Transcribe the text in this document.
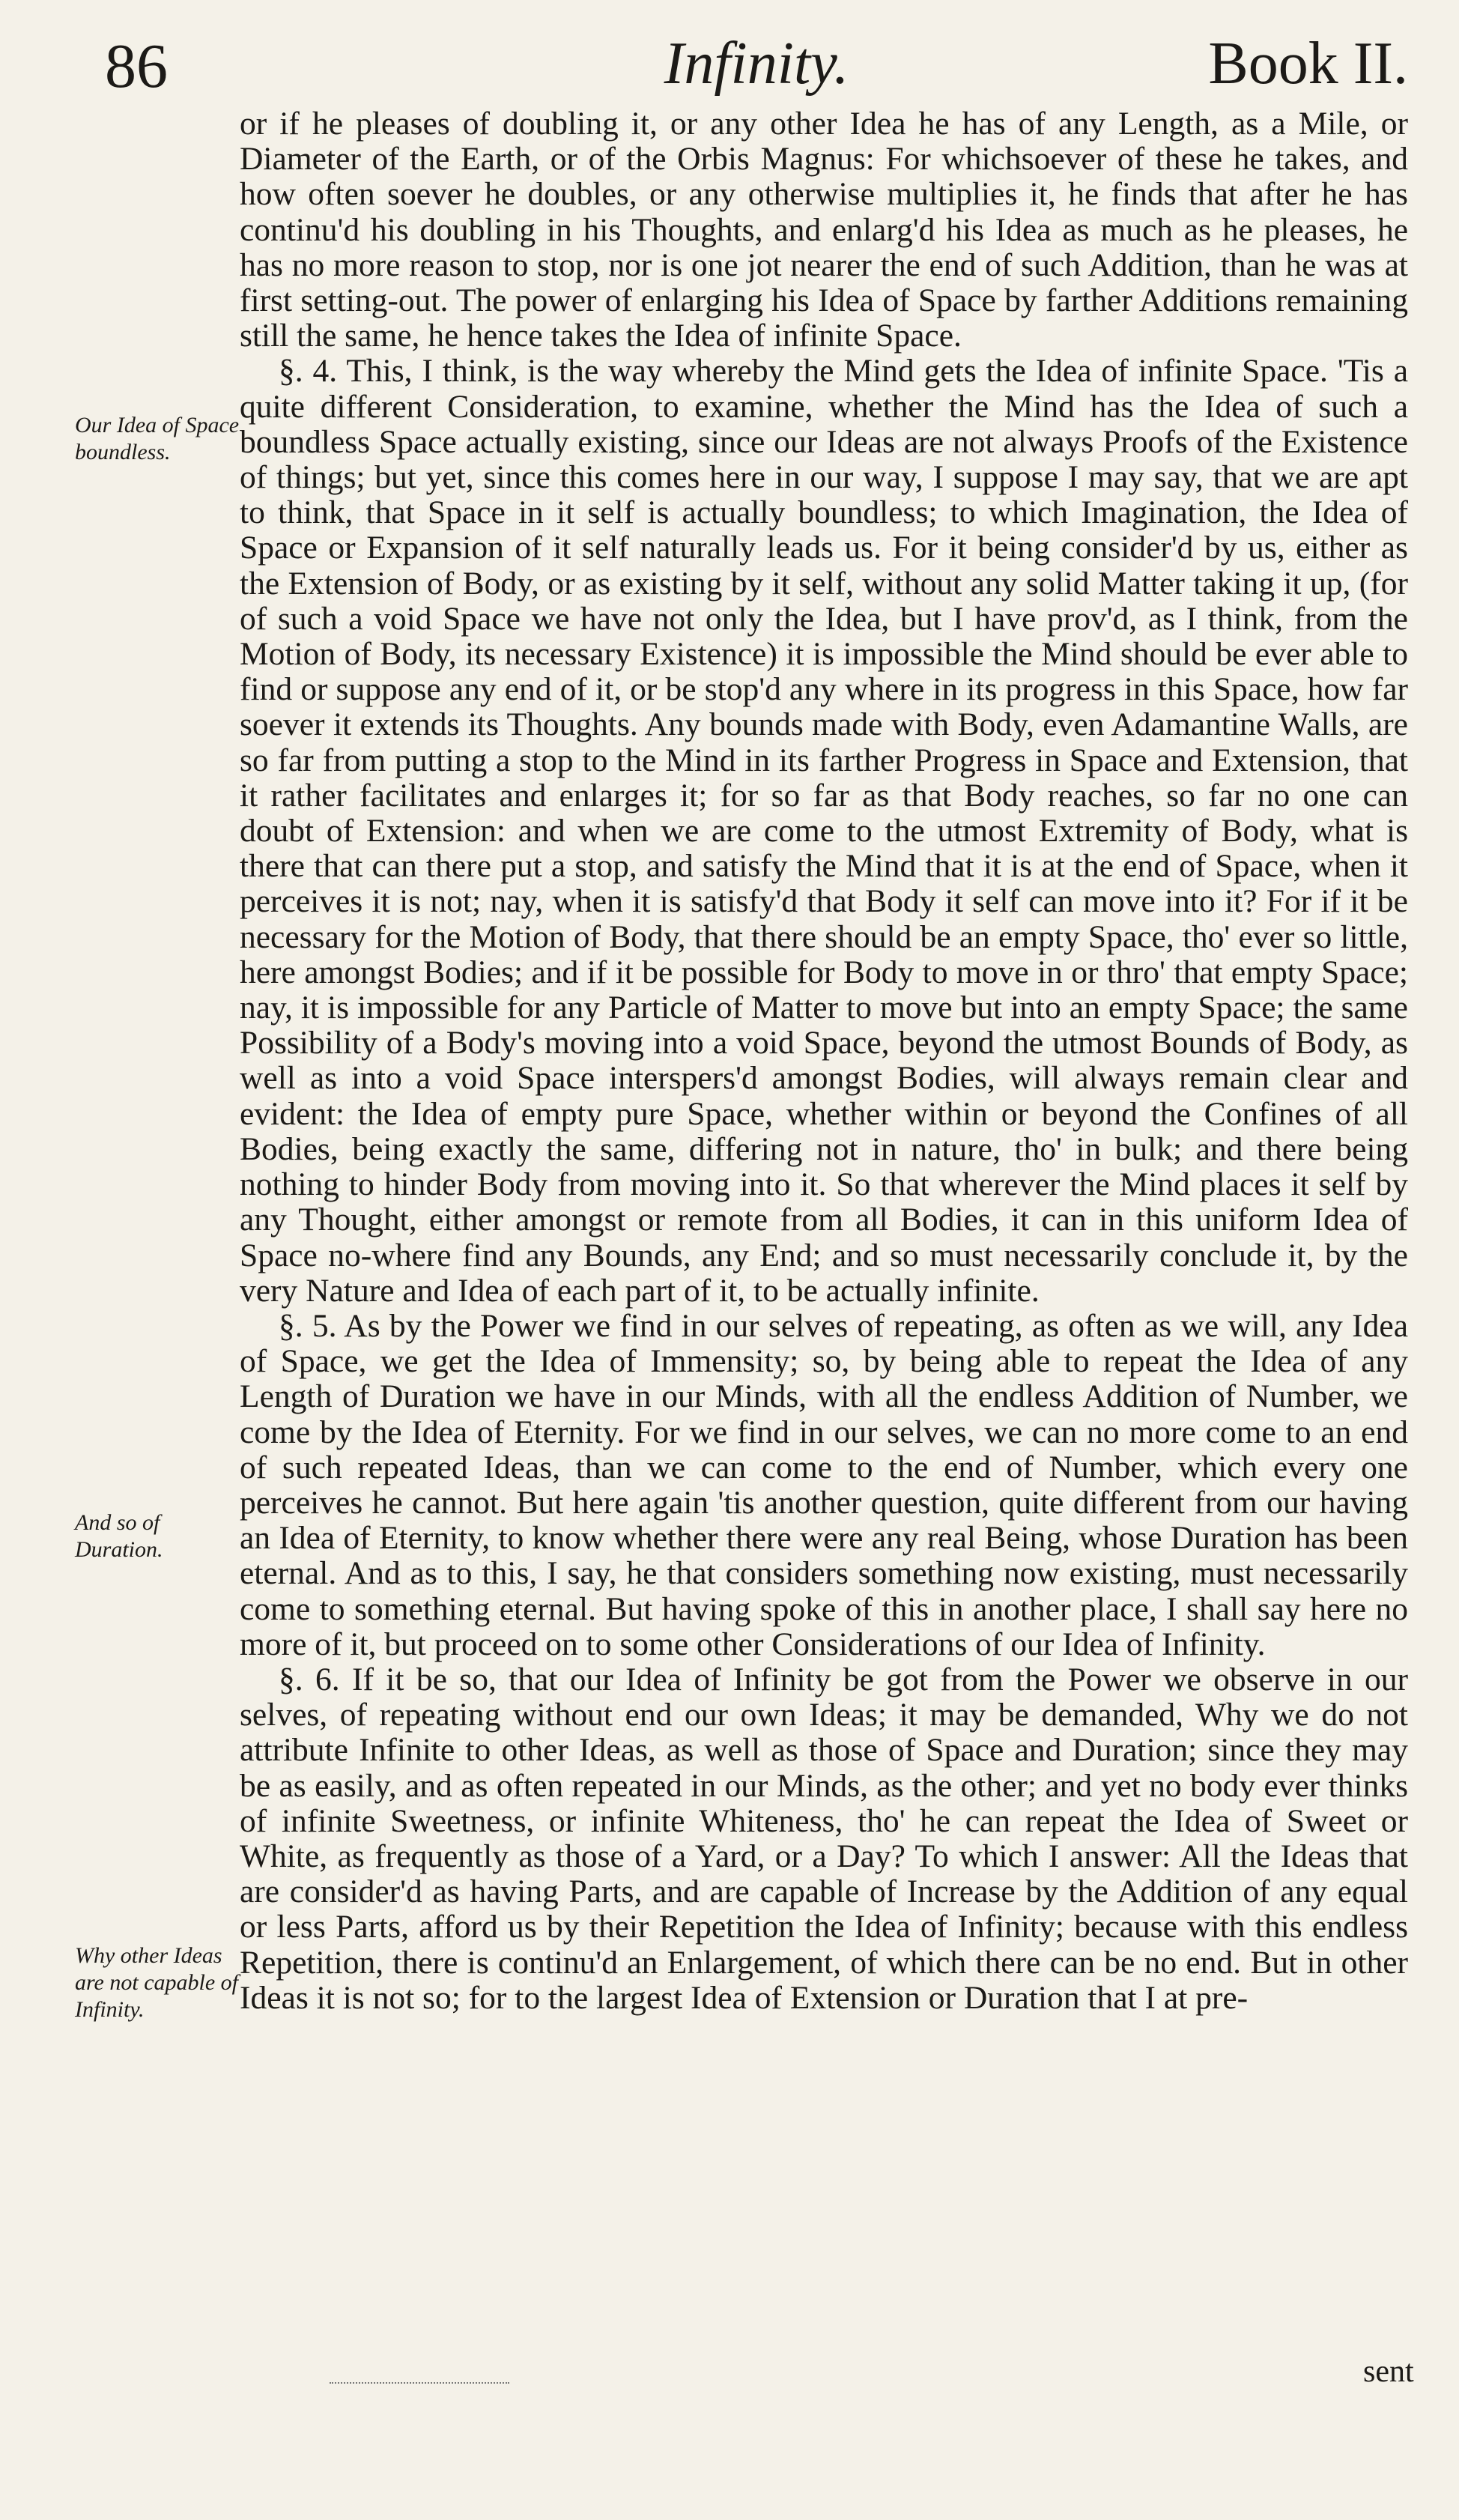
86	Infinity.	Book II.
Our Idea of Space boundless.
And so of Duration.
Why other Ideas are not capable of Infinity.

or if he pleases of doubling it, or any other Idea he has of any Length, as a Mile, or Diameter of the Earth, or of the Orbis Magnus: For whichsoever of these he takes, and how often soever he doubles, or any otherwise multiplies it, he finds that after he has continu'd his doubling in his Thoughts, and enlarg'd his Idea as much as he pleases, he has no more reason to stop, nor is one jot nearer the end of such Addition, than he was at first setting-out. The power of enlarging his Idea of Space by farther Additions remaining still the same, he hence takes the Idea of infinite Space.

§. 4. This, I think, is the way whereby the Mind gets the Idea of infinite Space. 'Tis a quite different Consideration, to examine, whether the Mind has the Idea of such a boundless Space actually existing, since our Ideas are not always Proofs of the Existence of things; but yet, since this comes here in our way, I suppose I may say, that we are apt to think, that Space in it self is actually boundless; to which Imagination, the Idea of Space or Expansion of it self naturally leads us. For it being consider'd by us, either as the Extension of Body, or as existing by it self, without any solid Matter taking it up, (for of such a void Space we have not only the Idea, but I have prov'd, as I think, from the Motion of Body, its necessary Existence) it is impossible the Mind should be ever able to find or suppose any end of it, or be stop'd any where in its progress in this Space, how far soever it extends its Thoughts. Any bounds made with Body, even Adamantine Walls, are so far from putting a stop to the Mind in its farther Progress in Space and Extension, that it rather facilitates and enlarges it; for so far as that Body reaches, so far no one can doubt of Extension: and when we are come to the utmost Extremity of Body, what is there that can there put a stop, and satisfy the Mind that it is at the end of Space, when it perceives it is not; nay, when it is satisfy'd that Body it self can move into it? For if it be necessary for the Motion of Body, that there should be an empty Space, tho' ever so little, here amongst Bodies; and if it be possible for Body to move in or thro' that empty Space; nay, it is impossible for any Particle of Matter to move but into an empty Space; the same Possibility of a Body's moving into a void Space, beyond the utmost Bounds of Body, as well as into a void Space interspers'd amongst Bodies, will always remain clear and evident: the Idea of empty pure Space, whether within or beyond the Confines of all Bodies, being exactly the same, differing not in nature, tho' in bulk; and there being nothing to hinder Body from moving into it. So that wherever the Mind places it self by any Thought, either amongst or remote from all Bodies, it can in this uniform Idea of Space no-where find any Bounds, any End; and so must necessarily conclude it, by the very Nature and Idea of each part of it, to be actually infinite.

§. 5. As by the Power we find in our selves of repeating, as often as we will, any Idea of Space, we get the Idea of Immensity; so, by being able to repeat the Idea of any Length of Duration we have in our Minds, with all the endless Addition of Number, we come by the Idea of Eternity. For we find in our selves, we can no more come to an end of such repeated Ideas, than we can come to the end of Number, which every one perceives he cannot. But here again 'tis another question, quite different from our having an Idea of Eternity, to know whether there were any real Being, whose Duration has been eternal. And as to this, I say, he that considers something now existing, must necessarily come to something eternal. But having spoke of this in another place, I shall say here no more of it, but proceed on to some other Considerations of our Idea of Infinity.

§. 6. If it be so, that our Idea of Infinity be got from the Power we observe in our selves, of repeating without end our own Ideas; it may be demanded, Why we do not attribute Infinite to other Ideas, as well as those of Space and Duration; since they may be as easily, and as often repeated in our Minds, as the other; and yet no body ever thinks of infinite Sweetness, or infinite Whiteness, tho' he can repeat the Idea of Sweet or White, as frequently as those of a Yard, or a Day? To which I answer: All the Ideas that are consider'd as having Parts, and are capable of Increase by the Addition of any equal or less Parts, afford us by their Repetition the Idea of Infinity; because with this endless Repetition, there is continu'd an Enlargement, of which there can be no end. But in other Ideas it is not so; for to the largest Idea of Extension or Duration that I at pre-

sent
